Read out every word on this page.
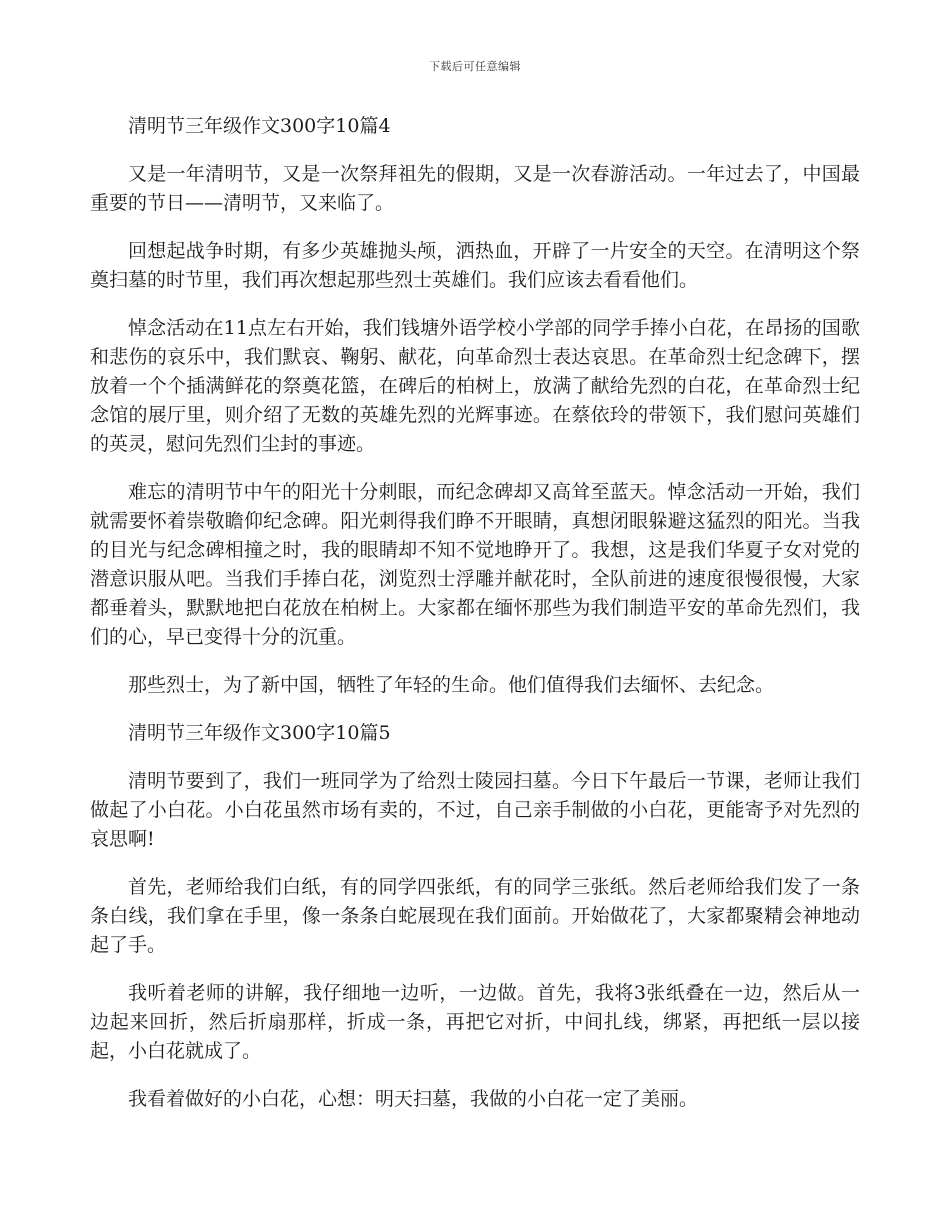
下载后可任意编辑

清明节三年级作文300字10篇4

又是一年清明节，又是一次祭拜祖先的假期，又是一次春游活动。一年过去了，中国最重要的节日——清明节，又来临了。

回想起战争时期，有多少英雄抛头颅，洒热血，开辟了一片安全的天空。在清明这个祭奠扫墓的时节里，我们再次想起那些烈士英雄们。我们应该去看看他们。

悼念活动在11点左右开始，我们钱塘外语学校小学部的同学手捧小白花，在昂扬的国歌和悲伤的哀乐中，我们默哀、鞠躬、献花，向革命烈士表达哀思。在革命烈士纪念碑下，摆放着一个个插满鲜花的祭奠花篮，在碑后的柏树上，放满了献给先烈的白花，在革命烈士纪念馆的展厅里，则介绍了无数的英雄先烈的光辉事迹。在蔡依玲的带领下，我们慰问英雄们的英灵，慰问先烈们尘封的事迹。

难忘的清明节中午的阳光十分刺眼，而纪念碑却又高耸至蓝天。悼念活动一开始，我们就需要怀着崇敬瞻仰纪念碑。阳光刺得我们睁不开眼睛，真想闭眼躲避这猛烈的阳光。当我的目光与纪念碑相撞之时，我的眼睛却不知不觉地睁开了。我想，这是我们华夏子女对党的潜意识服从吧。当我们手捧白花，浏览烈士浮雕并献花时，全队前进的速度很慢很慢，大家都垂着头，默默地把白花放在柏树上。大家都在缅怀那些为我们制造平安的革命先烈们，我们的心，早已变得十分的沉重。

那些烈士，为了新中国，牺牲了年轻的生命。他们值得我们去缅怀、去纪念。

清明节三年级作文300字10篇5

清明节要到了，我们一班同学为了给烈士陵园扫墓。今日下午最后一节课，老师让我们做起了小白花。小白花虽然市场有卖的，不过，自己亲手制做的小白花，更能寄予对先烈的哀思啊!

首先，老师给我们白纸，有的同学四张纸，有的同学三张纸。然后老师给我们发了一条条白线，我们拿在手里，像一条条白蛇展现在我们面前。开始做花了，大家都聚精会神地动起了手。

我听着老师的讲解，我仔细地一边听，一边做。首先，我将3张纸叠在一边，然后从一边起来回折，然后折扇那样，折成一条，再把它对折，中间扎线，绑紧，再把纸一层以接起，小白花就成了。

我看着做好的小白花，心想：明天扫墓，我做的小白花一定了美丽。
